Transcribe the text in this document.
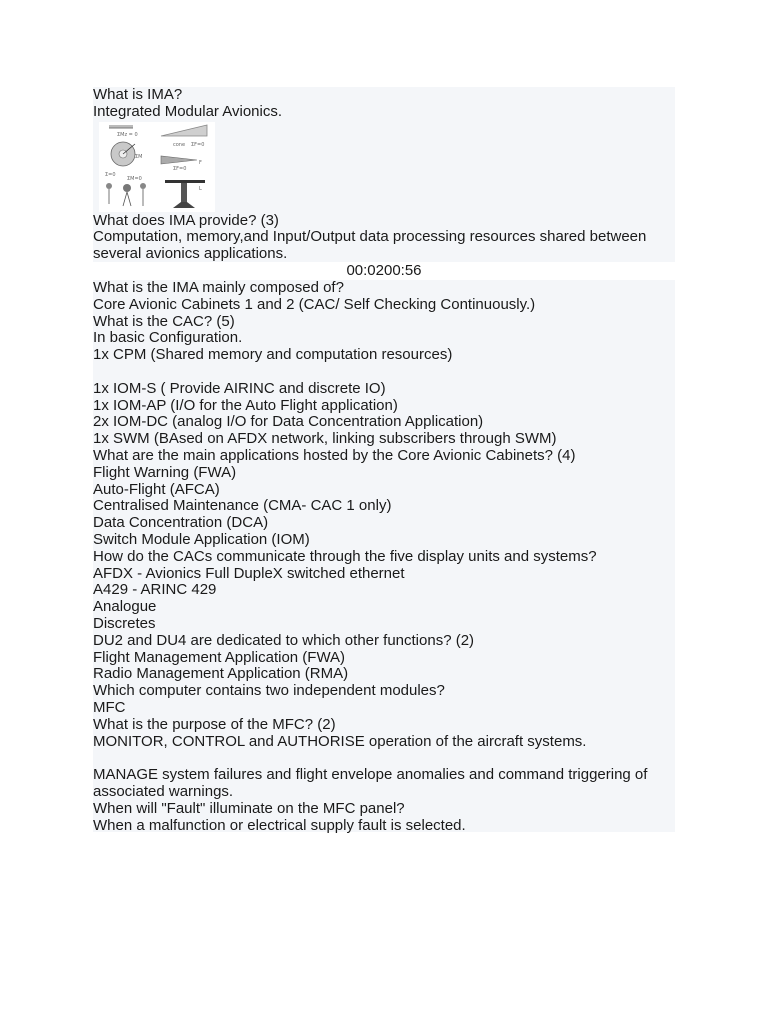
What is IMA?
Integrated Modular Avionics.
ΣMz = 0
cone ΣF=0
ΣM
ΣF=0
F
Σ=0
ΣM=0
L
What does IMA provide? (3)
Computation, memory,and Input/Output data processing resources shared between several avionics applications.
00:0200:56
What is the IMA mainly composed of?
Core Avionic Cabinets 1 and 2 (CAC/ Self Checking Continuously.)
What is the CAC? (5)
In basic Configuration.
1x CPM (Shared memory and computation resources)
1x IOM-S ( Provide AIRINC and discrete IO)
1x IOM-AP (I/O for the Auto Flight application)
2x IOM-DC (analog I/O for Data Concentration Application)
1x SWM (BAsed on AFDX network, linking subscribers through SWM)
What are the main applications hosted by the Core Avionic Cabinets? (4)
Flight Warning (FWA)
Auto-Flight (AFCA)
Centralised Maintenance (CMA- CAC 1 only)
Data Concentration (DCA)
Switch Module Application (IOM)
How do the CACs communicate through the five display units and systems?
AFDX - Avionics Full DupleX switched ethernet
A429 - ARINC 429
Analogue
Discretes
DU2 and DU4 are dedicated to which other functions? (2)
Flight Management Application (FWA)
Radio Management Application (RMA)
Which computer contains two independent modules?
MFC
What is the purpose of the MFC? (2)
MONITOR, CONTROL and AUTHORISE operation of the aircraft systems.
MANAGE system failures and flight envelope anomalies and command triggering of associated warnings.
When will "Fault" illuminate on the MFC panel?
When a malfunction or electrical supply fault is selected.
